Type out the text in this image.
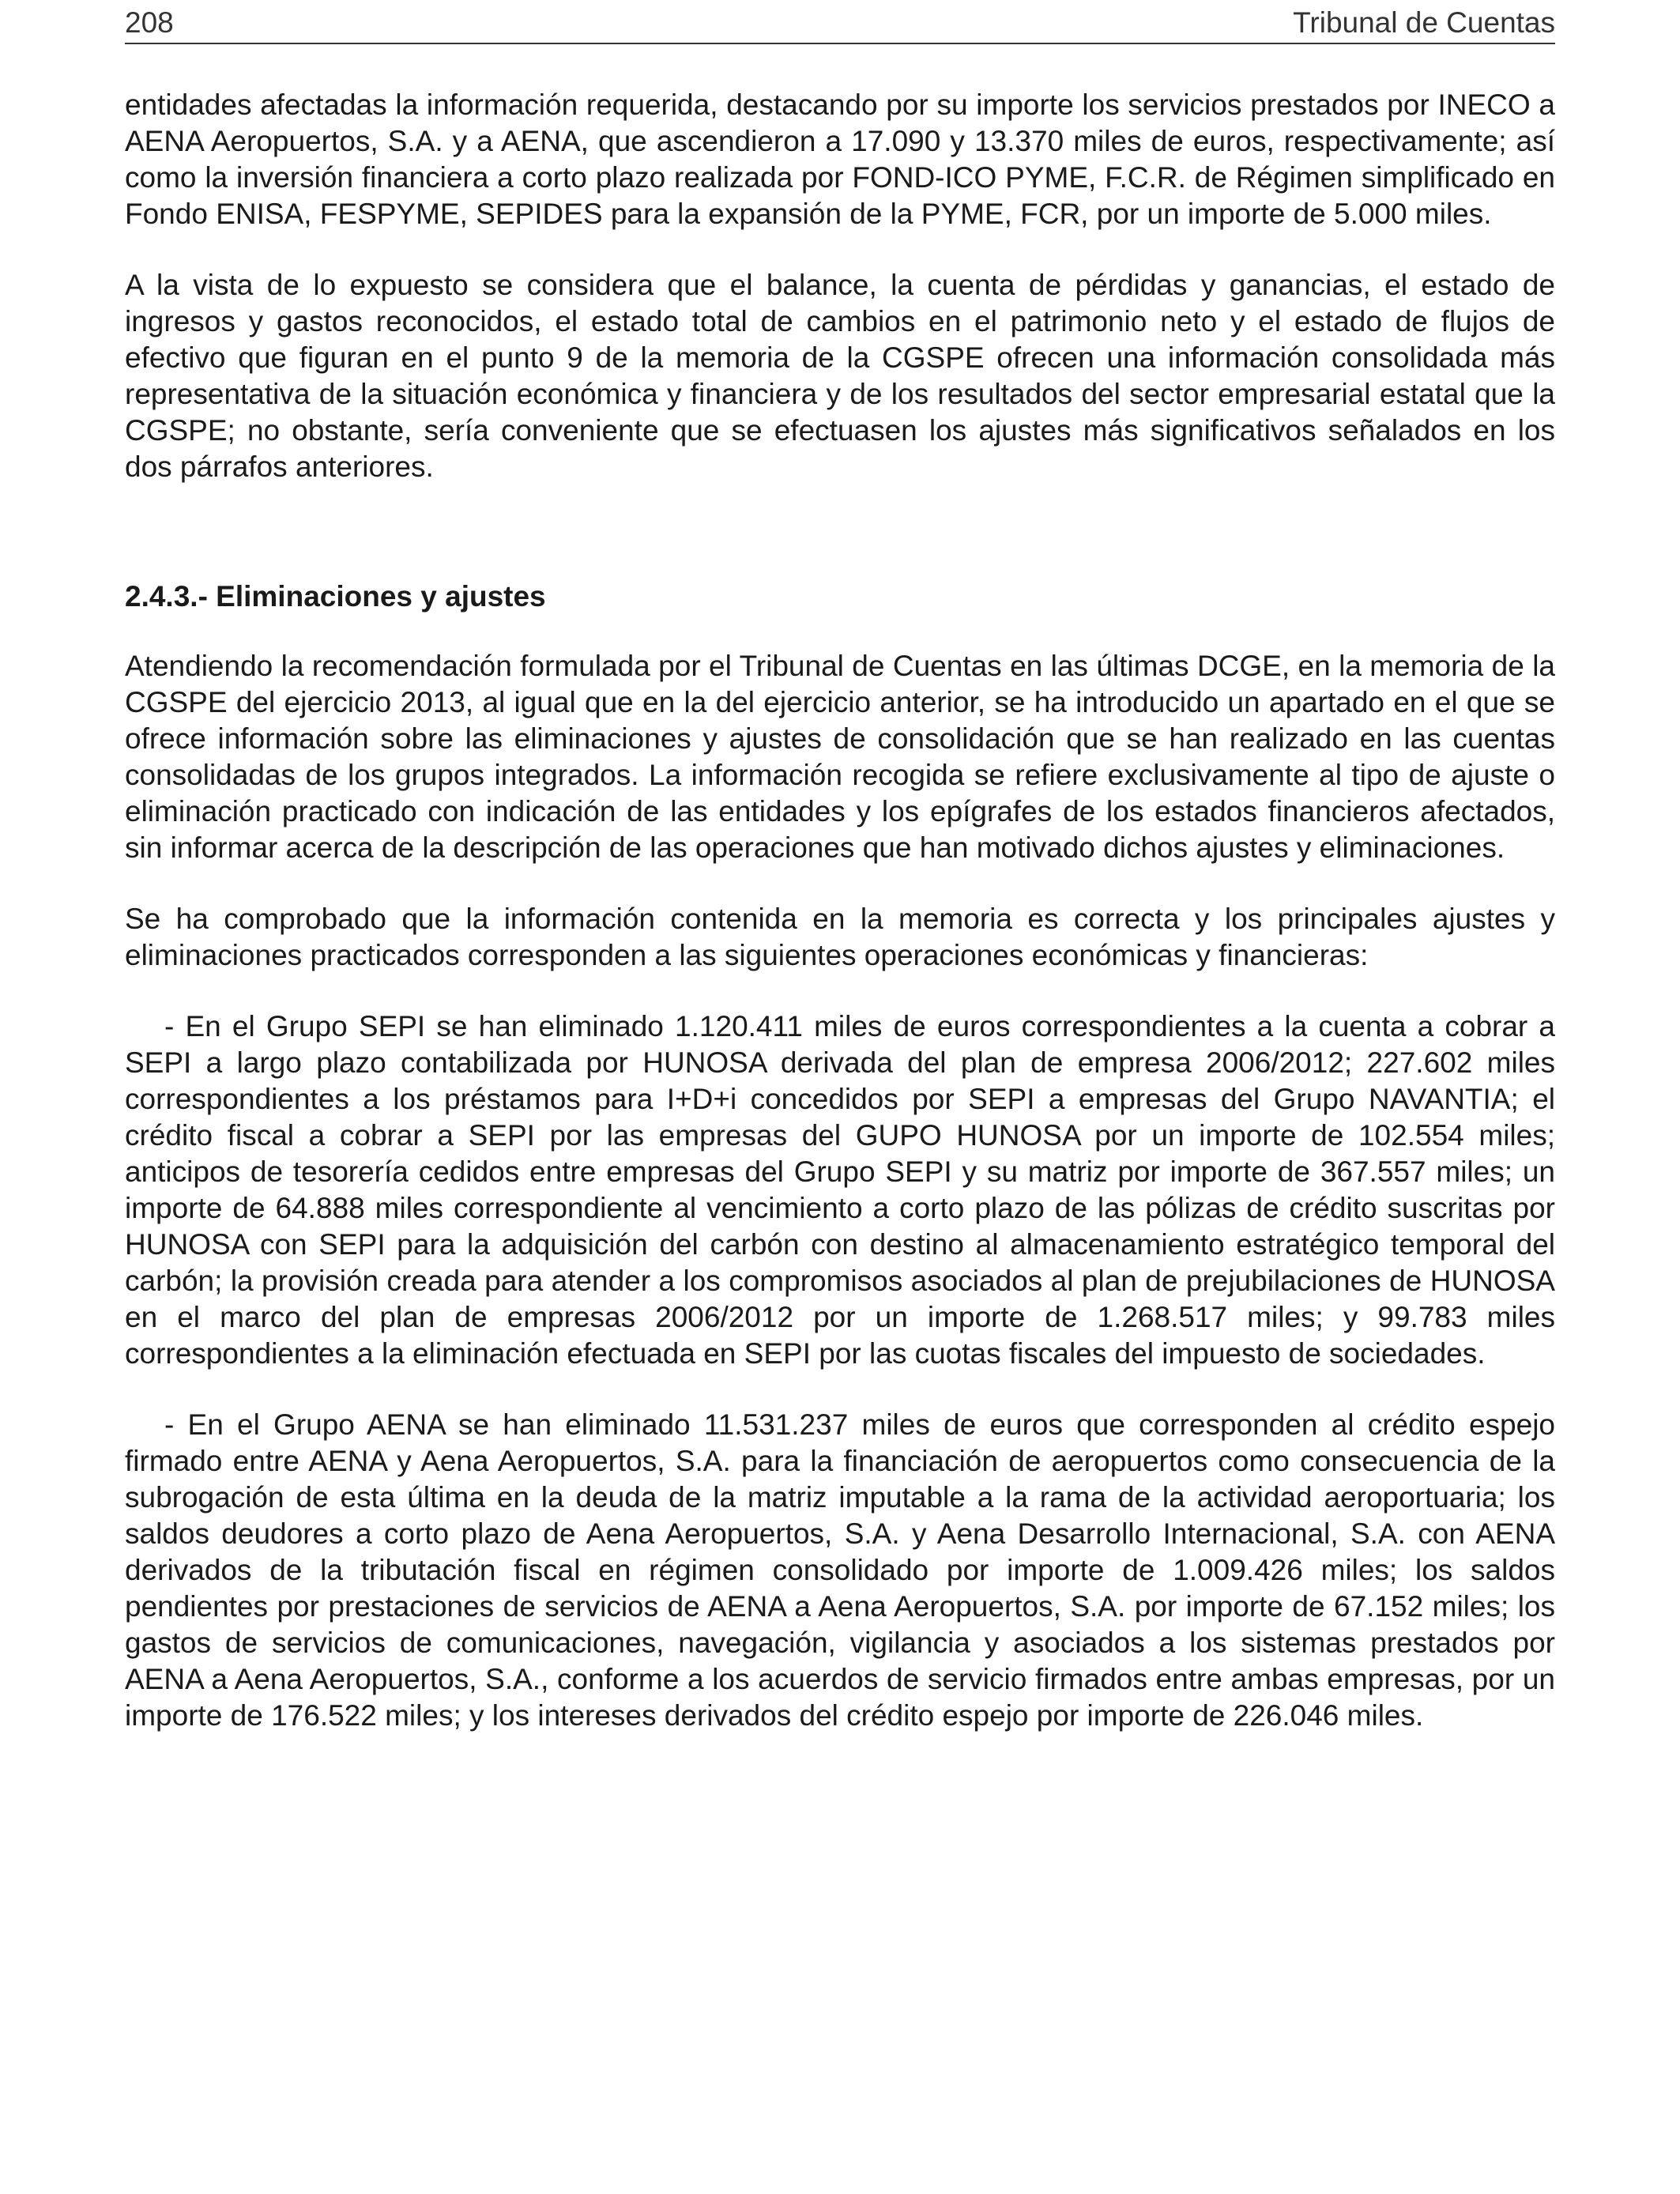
208	Tribunal de Cuentas

entidades afectadas la información requerida, destacando por su importe los servicios prestados por INECO a AENA Aeropuertos, S.A. y a AENA, que ascendieron a 17.090 y 13.370 miles de euros, respectivamente; así como la inversión financiera a corto plazo realizada por FOND-ICO PYME, F.C.R. de Régimen simplificado en Fondo ENISA, FESPYME, SEPIDES para la expansión de la PYME, FCR, por un importe de 5.000 miles.

A la vista de lo expuesto se considera que el balance, la cuenta de pérdidas y ganancias, el estado de ingresos y gastos reconocidos, el estado total de cambios en el patrimonio neto y el estado de flujos de efectivo que figuran en el punto 9 de la memoria de la CGSPE ofrecen una información consolidada más representativa de la situación económica y financiera y de los resultados del sector empresarial estatal que la CGSPE; no obstante, sería conveniente que se efectuasen los ajustes más significativos señalados en los dos párrafos anteriores.

2.4.3.- Eliminaciones y ajustes

Atendiendo la recomendación formulada por el Tribunal de Cuentas en las últimas DCGE, en la memoria de la CGSPE del ejercicio 2013, al igual que en la del ejercicio anterior, se ha introducido un apartado en el que se ofrece información sobre las eliminaciones y ajustes de consolidación que se han realizado en las cuentas consolidadas de los grupos integrados. La información recogida se refiere exclusivamente al tipo de ajuste o eliminación practicado con indicación de las entidades y los epígrafes de los estados financieros afectados, sin informar acerca de la descripción de las operaciones que han motivado dichos ajustes y eliminaciones.

Se ha comprobado que la información contenida en la memoria es correcta y los principales ajustes y eliminaciones practicados corresponden a las siguientes operaciones económicas y financieras:

- En el Grupo SEPI se han eliminado 1.120.411 miles de euros correspondientes a la cuenta a cobrar a SEPI a largo plazo contabilizada por HUNOSA derivada del plan de empresa 2006/2012; 227.602 miles correspondientes a los préstamos para I+D+i concedidos por SEPI a empresas del Grupo NAVANTIA; el crédito fiscal a cobrar a SEPI por las empresas del GUPO HUNOSA por un importe de 102.554 miles; anticipos de tesorería cedidos entre empresas del Grupo SEPI y su matriz por importe de 367.557 miles; un importe de 64.888 miles correspondiente al vencimiento a corto plazo de las pólizas de crédito suscritas por HUNOSA con SEPI para la adquisición del carbón con destino al almacenamiento estratégico temporal del carbón; la provisión creada para atender a los compromisos asociados al plan de prejubilaciones de HUNOSA en el marco del plan de empresas 2006/2012 por un importe de 1.268.517 miles; y 99.783 miles correspondientes a la eliminación efectuada en SEPI por las cuotas fiscales del impuesto de sociedades.

- En el Grupo AENA se han eliminado 11.531.237 miles de euros que corresponden al crédito espejo firmado entre AENA y Aena Aeropuertos, S.A. para la financiación de aeropuertos como consecuencia de la subrogación de esta última en la deuda de la matriz imputable a la rama de la actividad aeroportuaria; los saldos deudores a corto plazo de Aena Aeropuertos, S.A. y Aena Desarrollo Internacional, S.A. con AENA derivados de la tributación fiscal en régimen consolidado por importe de 1.009.426 miles; los saldos pendientes por prestaciones de servicios de AENA a Aena Aeropuertos, S.A. por importe de 67.152 miles; los gastos de servicios de comunicaciones, navegación, vigilancia y asociados a los sistemas prestados por AENA a Aena Aeropuertos, S.A., conforme a los acuerdos de servicio firmados entre ambas empresas, por un importe de 176.522 miles; y los intereses derivados del crédito espejo por importe de 226.046 miles.
